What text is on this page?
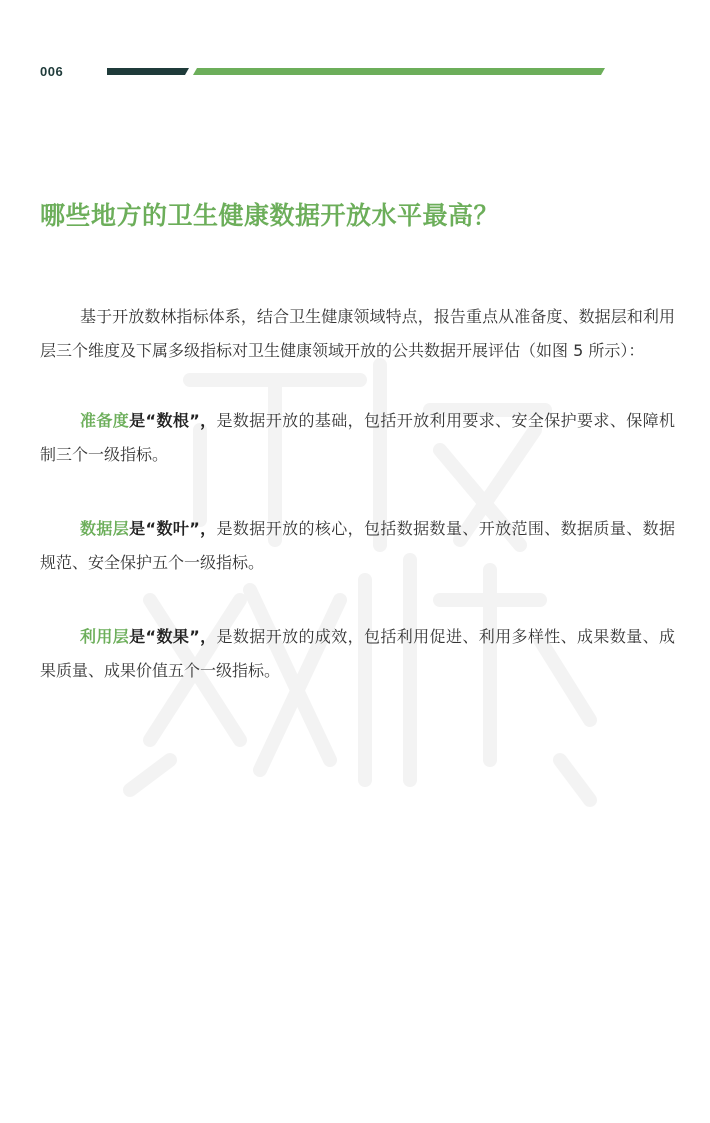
006
哪些地方的卫生健康数据开放水平最高？

基于开放数林指标体系，结合卫生健康领域特点，报告重点从准备度、数据层和利用层三个维度及下属多级指标对卫生健康领域开放的公共数据开展评估（如图 5 所示）：

准备度是“数根”，是数据开放的基础，包括开放利用要求、安全保护要求、保障机制三个一级指标。

数据层是“数叶”，是数据开放的核心，包括数据数量、开放范围、数据质量、数据规范、安全保护五个一级指标。

利用层是“数果”，是数据开放的成效，包括利用促进、利用多样性、成果数量、成果质量、成果价值五个一级指标。
